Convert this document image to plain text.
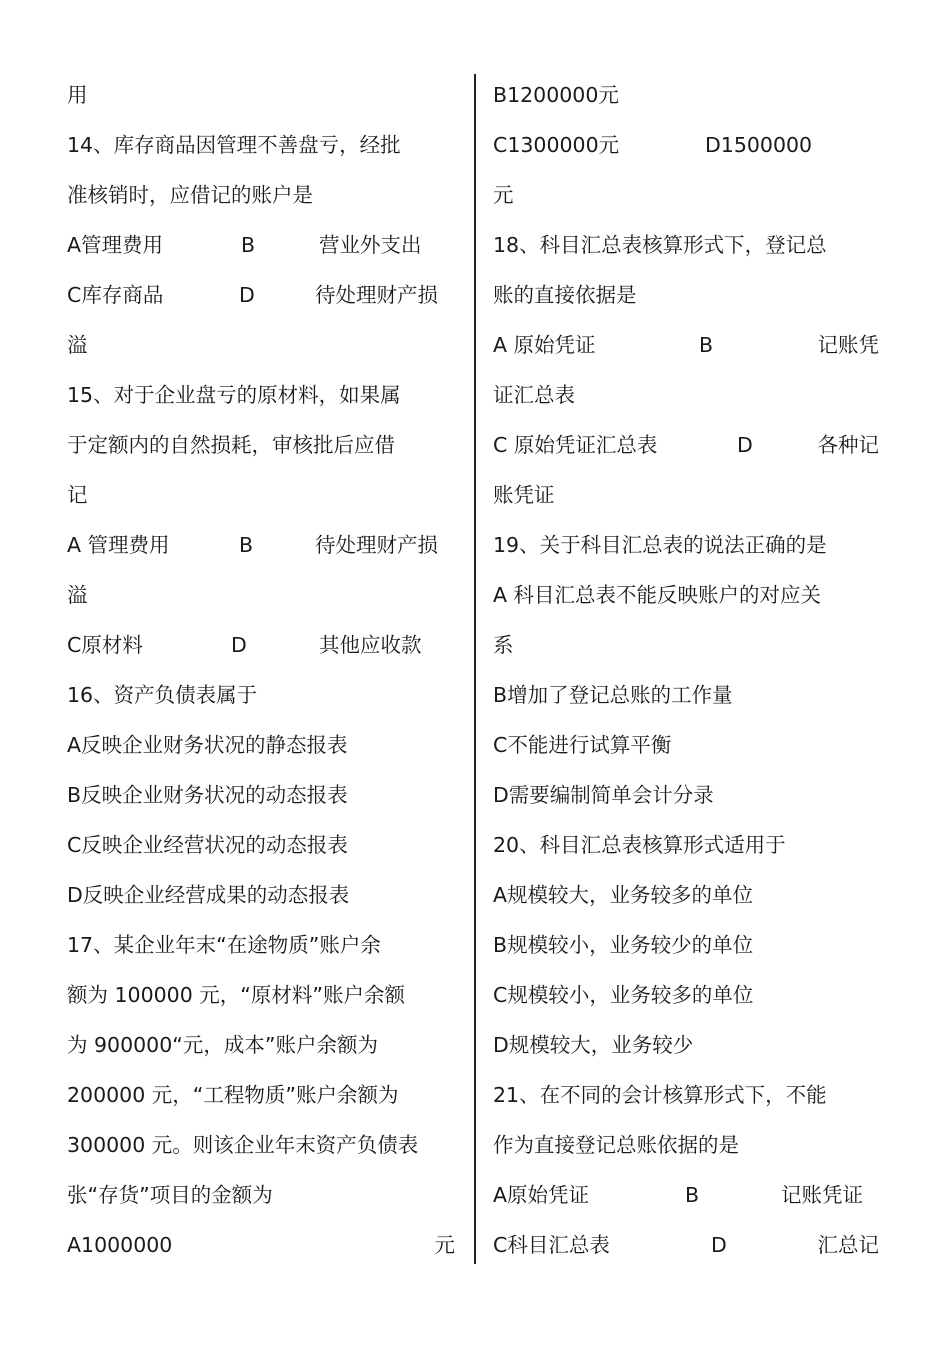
用
14、库存商品因管理不善盘亏，经批
准核销时，应借记的账户是
A管理费用	B	营业外支出
C库存商品	D	待处理财产损
溢
15、对于企业盘亏的原材料，如果属
于定额内的自然损耗，审核批后应借
记
A 管理费用	B	待处理财产损
溢
C原材料	D	其他应收款
16、资产负债表属于
A反映企业财务状况的静态报表
B反映企业财务状况的动态报表
C反映企业经营状况的动态报表
D反映企业经营成果的动态报表
17、某企业年末“在途物质”账户余
额为 100000 元，“原材料”账户余额
为 900000“元，成本”账户余额为
200000 元，“工程物质”账户余额为
300000 元。则该企业年末资产负债表
张“存货”项目的金额为
A1000000	元
B1200000元
C1300000元	D1500000
元
18、科目汇总表核算形式下，登记总
账的直接依据是
A 原始凭证	B	记账凭
证汇总表
C 原始凭证汇总表	D	各种记
账凭证
19、关于科目汇总表的说法正确的是
A 科目汇总表不能反映账户的对应关
系
B增加了登记总账的工作量
C不能进行试算平衡
D需要编制简单会计分录
20、科目汇总表核算形式适用于
A规模较大，业务较多的单位
B规模较小，业务较少的单位
C规模较小，业务较多的单位
D规模较大，业务较少
21、在不同的会计核算形式下，不能
作为直接登记总账依据的是
A原始凭证	B	记账凭证
C科目汇总表	D	汇总记
